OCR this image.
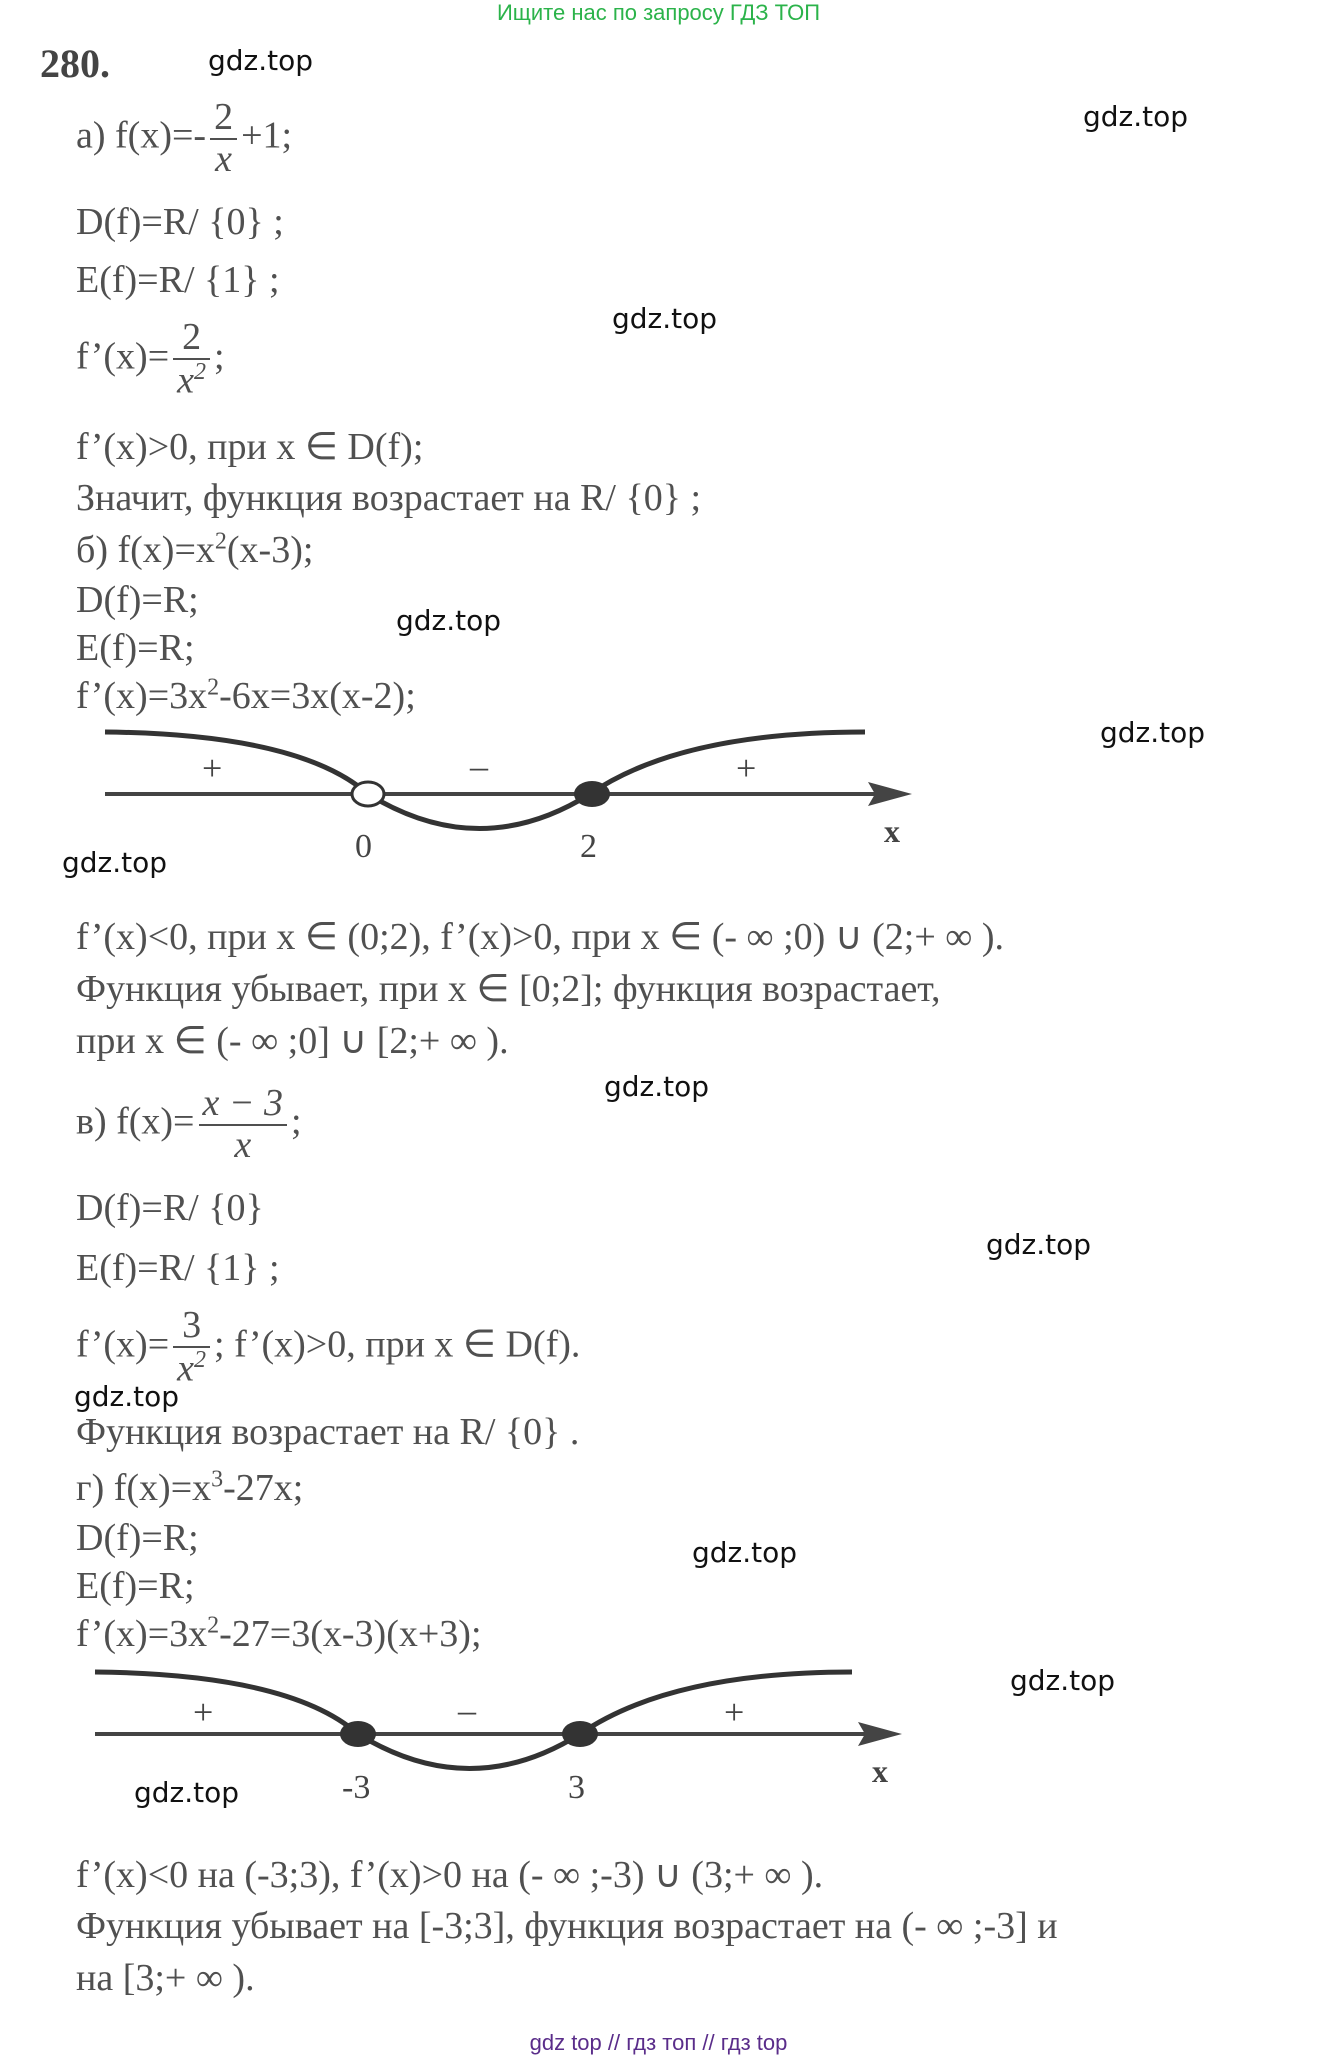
Ищите нас по запросу ГДЗ ТОП
280.	gdz.top
gdz.top
gdz.top
gdz.top
gdz.top
gdz.top
gdz.top
gdz.top
gdz.top
gdz.top
gdz.top
gdz.top
а) $f(x)=- \frac{2}{x} +1$;
D(f)=R/ {0} ;
E(f)=R/ {1} ;
f’(x)= $\frac{2}{x^2}$ ;
f’(x)>0, при x ∈ D(f);
Значит, функция возрастает на R/ {0} ;
б) $f(x)=x^2(x-3)$;
D(f)=R;
E(f)=R;
$f’(x)=3x^2-6x=3x(x-2)$;
+	–	+
0	2	x
f’(x)<0, при x ∈ (0;2), f’(x)>0, при x ∈ (- ∞ ;0) ∪ (2;+ ∞ ).
Функция убывает, при x ∈ [0;2]; функция возрастает,
при x ∈ (- ∞ ;0] ∪ [2;+ ∞ ).
в) $f(x)= \frac{x - 3}{x}$ ;
D(f)=R/ {0}
E(f)=R/ {1} ;
f’(x)= $\frac{3}{x^2}$ ; f’(x)>0, при x ∈ D(f).
Функция возрастает на R/ {0} .
г) $f(x)=x^3-27x$;
D(f)=R;
E(f)=R;
$f’(x)=3x^2-27=3(x-3)(x+3)$;
+	–	+
-3	3	x
f’(x)<0 на (-3;3), f’(x)>0 на (- ∞ ;-3) ∪ (3;+ ∞ ).
Функция убывает на [-3;3], функция возрастает на (- ∞ ;-3] и
на [3;+ ∞ ).
gdz top // гдз топ // гдз top
